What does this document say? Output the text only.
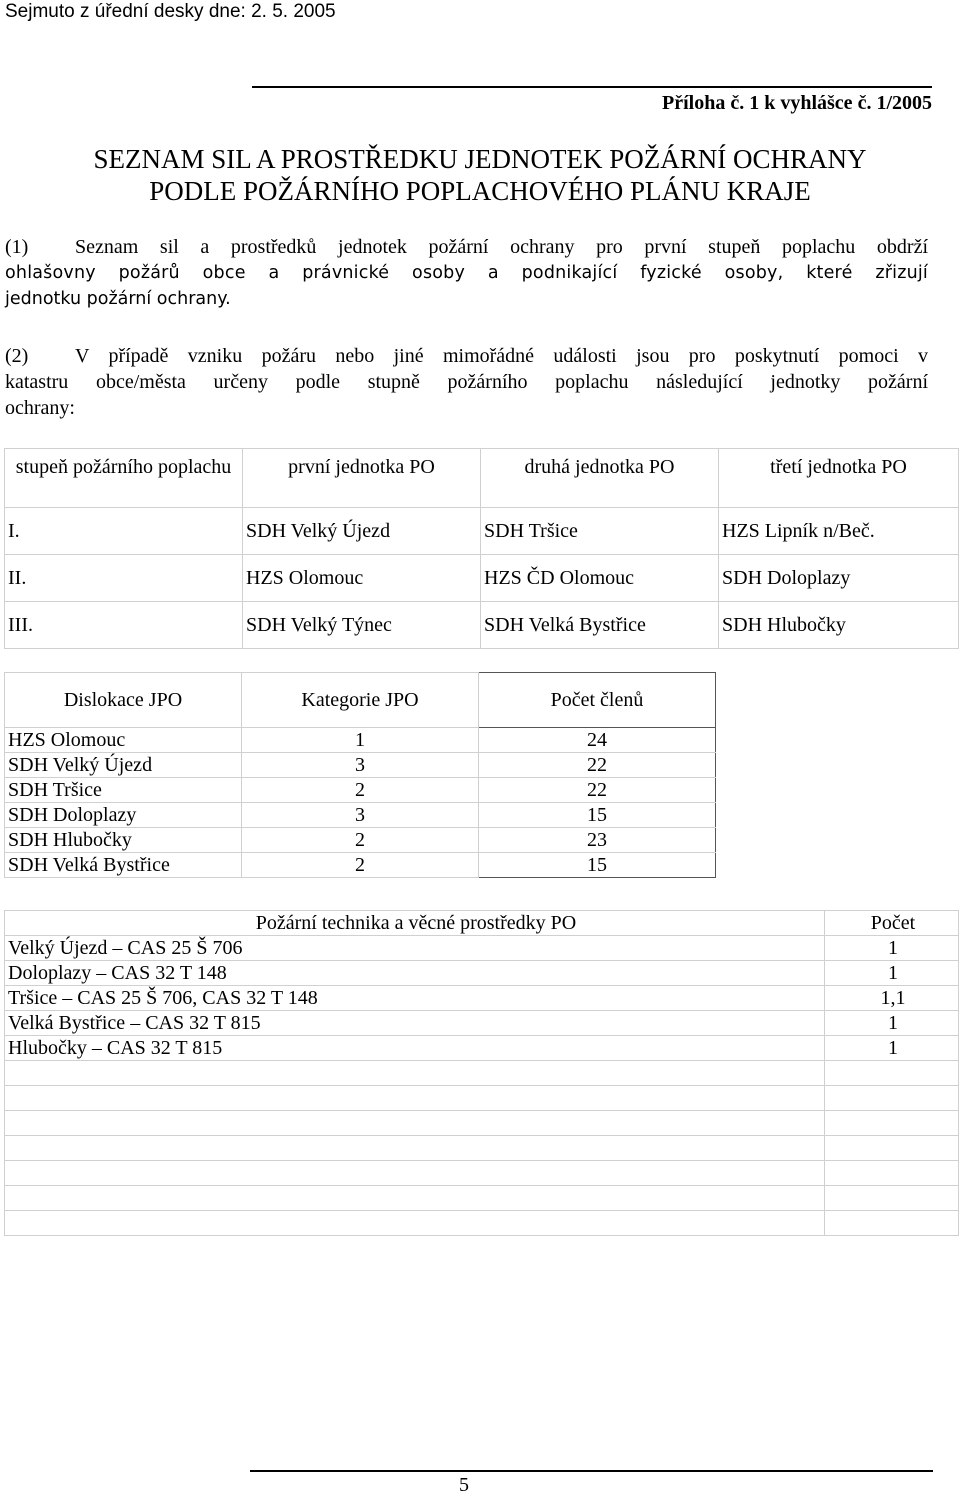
Sejmuto z úřední desky dne: 2. 5. 2005
Příloha č. 1 k vyhlášce č. 1/2005
SEZNAM SIL A PROSTŘEDKU JEDNOTEK POŽÁRNÍ OCHRANY
PODLE POŽÁRNÍHO POPLACHOVÉHO PLÁNU KRAJE
(1) Seznam sil a prostředků jednotek požární ochrany pro první stupeň poplachu obdrží
ohlašovny požárů obce a právnické osoby a podnikající fyzické osoby, které zřizují
jednotku požární ochrany.
(2) V případě vzniku požáru nebo jiné mimořádné události jsou pro poskytnutí pomoci v
katastru obce/města určeny podle stupně požárního poplachu následující jednotky požární
ochrany:
stupeň požárního poplachu	první jednotka PO	druhá jednotka PO	třetí jednotka PO
I.	SDH Velký Újezd	SDH Tršice	HZS Lipník n/Beč.
II.	HZS Olomouc	HZS ČD Olomouc	SDH Doloplazy
III.	SDH Velký Týnec	SDH Velká Bystřice	SDH Hlubočky
Dislokace JPO	Kategorie JPO	Počet členů
HZS Olomouc	1	24
SDH Velký Újezd	3	22
SDH Tršice	2	22
SDH Doloplazy	3	15
SDH Hlubočky	2	23
SDH Velká Bystřice	2	15
Požární technika a věcné prostředky PO	Počet
Velký Újezd – CAS 25 Š 706	1
Doloplazy – CAS 32 T 148	1
Tršice – CAS 25 Š 706, CAS 32 T 148	1,1
Velká Bystřice – CAS 32 T 815	1
Hlubočky – CAS 32 T 815	1

5
